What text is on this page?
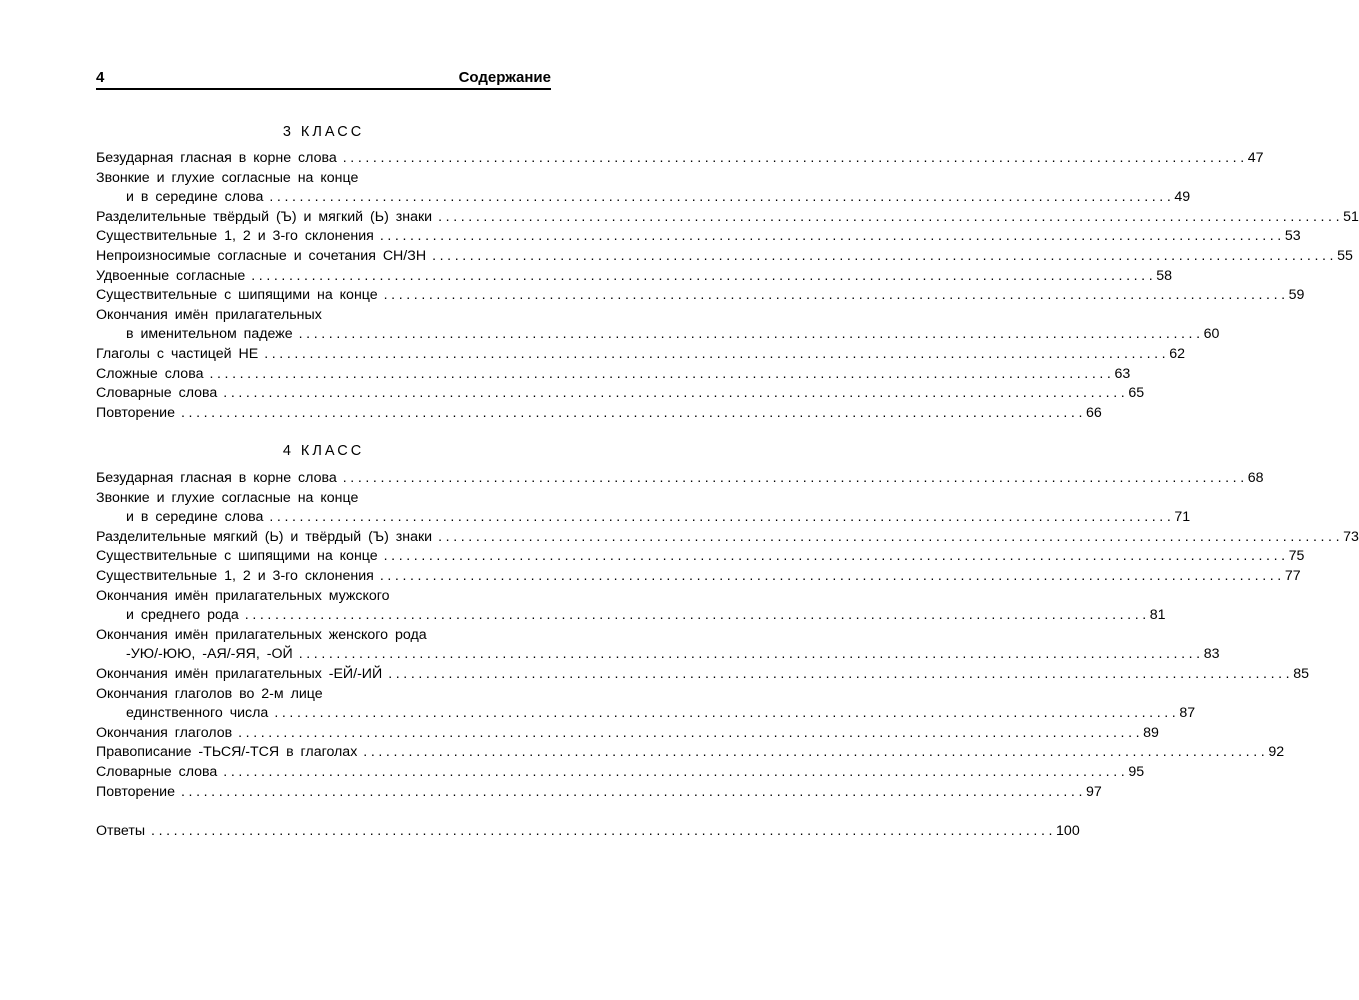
4	Содержание
3 КЛАСС
Безударная гласная в корне слова ........................................................................................................................ 47
Звонкие и глухие согласные на конце
и в середине слова ........................................................................................................................ 49
Разделительные твёрдый (Ъ) и мягкий (Ь) знаки ........................................................................................................................ 51
Существительные 1, 2 и 3-го склонения ........................................................................................................................ 53
Непроизносимые согласные и сочетания СН/ЗН ........................................................................................................................ 55
Удвоенные согласные ........................................................................................................................ 58
Существительные с шипящими на конце ........................................................................................................................ 59
Окончания имён прилагательных
в именительном падеже ........................................................................................................................ 60
Глаголы с частицей НЕ ........................................................................................................................ 62
Сложные слова ........................................................................................................................ 63
Словарные слова ........................................................................................................................ 65
Повторение ........................................................................................................................ 66
4 КЛАСС
Безударная гласная в корне слова ........................................................................................................................ 68
Звонкие и глухие согласные на конце
и в середине слова ........................................................................................................................ 71
Разделительные мягкий (Ь) и твёрдый (Ъ) знаки ........................................................................................................................ 73
Существительные с шипящими на конце ........................................................................................................................ 75
Существительные 1, 2 и 3-го склонения ........................................................................................................................ 77
Окончания имён прилагательных мужского
и среднего рода ........................................................................................................................ 81
Окончания имён прилагательных женского рода
-УЮ/-ЮЮ, -АЯ/-ЯЯ, -ОЙ ........................................................................................................................ 83
Окончания имён прилагательных -ЕЙ/-ИЙ ........................................................................................................................ 85
Окончания глаголов во 2-м лице
единственного числа ........................................................................................................................ 87
Окончания глаголов ........................................................................................................................ 89
Правописание -ТЬСЯ/-ТСЯ в глаголах ........................................................................................................................ 92
Словарные слова ........................................................................................................................ 95
Повторение ........................................................................................................................ 97
Ответы ........................................................................................................................ 100
